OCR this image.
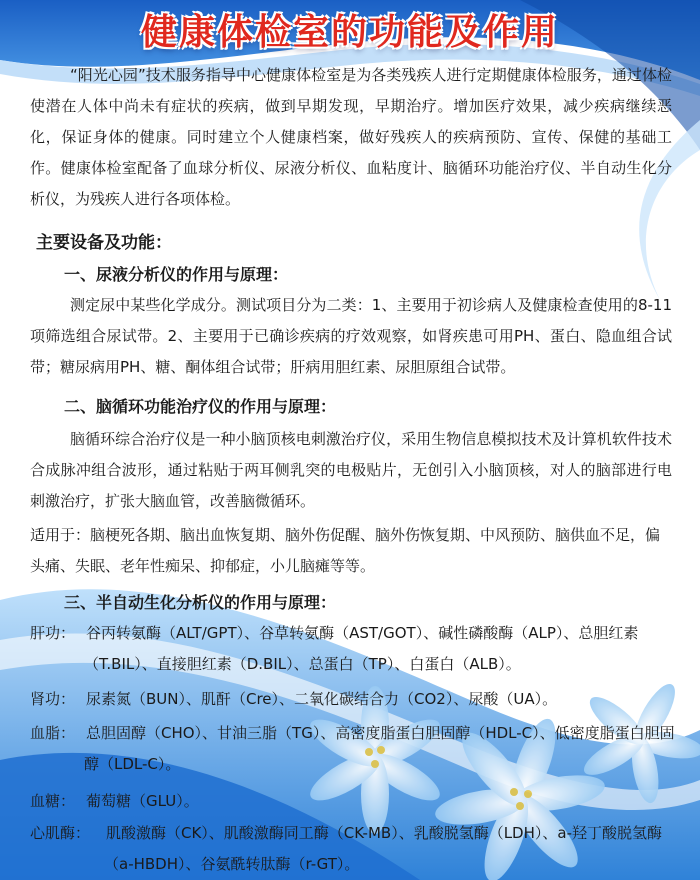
健康体检室的功能及作用
“阳光心园”技术服务指导中心健康体检室是为各类残疾人进行定期健康体检服务，通过体检使潜在人体中尚未有症状的疾病，做到早期发现，早期治疗。增加医疗效果，减少疾病继续恶化，保证身体的健康。同时建立个人健康档案，做好残疾人的疾病预防、宣传、保健的基础工作。健康体检室配备了血球分析仪、尿液分析仪、血粘度计、脑循环功能治疗仪、半自动生化分析仪，为残疾人进行各项体检。
主要设备及功能：
一、尿液分析仪的作用与原理：
测定尿中某些化学成分。测试项目分为二类：1、主要用于初诊病人及健康检查使用的8-11项筛选组合尿试带。2、主要用于已确诊疾病的疗效观察，如肾疾患可用PH、蛋白、隐血组合试带；糖尿病用PH、糖、酮体组合试带；肝病用胆红素、尿胆原组合试带。
二、脑循环功能治疗仪的作用与原理：
脑循环综合治疗仪是一种小脑顶核电刺激治疗仪，采用生物信息模拟技术及计算机软件技术合成脉冲组合波形，通过粘贴于两耳侧乳突的电极贴片，无创引入小脑顶核，对人的脑部进行电刺激治疗，扩张大脑血管，改善脑微循环。
适用于：脑梗死各期、脑出血恢复期、脑外伤促醒、脑外伤恢复期、中风预防、脑供血不足，偏头痛、失眠、老年性痴呆、抑郁症，小儿脑瘫等等。
三、半自动生化分析仪的作用与原理：
肝功： 谷丙转氨酶（ALT/GPT）、谷草转氨酶（AST/GOT）、碱性磷酸酶（ALP）、总胆红素（T.BIL）、直接胆红素（D.BIL）、总蛋白（TP）、白蛋白（ALB）。
肾功： 尿素氮（BUN）、肌酐（Cre）、二氧化碳结合力（CO2）、尿酸（UA）。
血脂： 总胆固醇（CHO）、甘油三脂（TG）、高密度脂蛋白胆固醇（HDL-C）、低密度脂蛋白胆固醇（LDL-C）。
血糖： 葡萄糖（GLU）。
心肌酶： 肌酸激酶（CK）、肌酸激酶同工酶（CK-MB）、乳酸脱氢酶（LDH）、a-羟丁酸脱氢酶（a-HBDH）、谷氨酰转肽酶（r-GT）。
